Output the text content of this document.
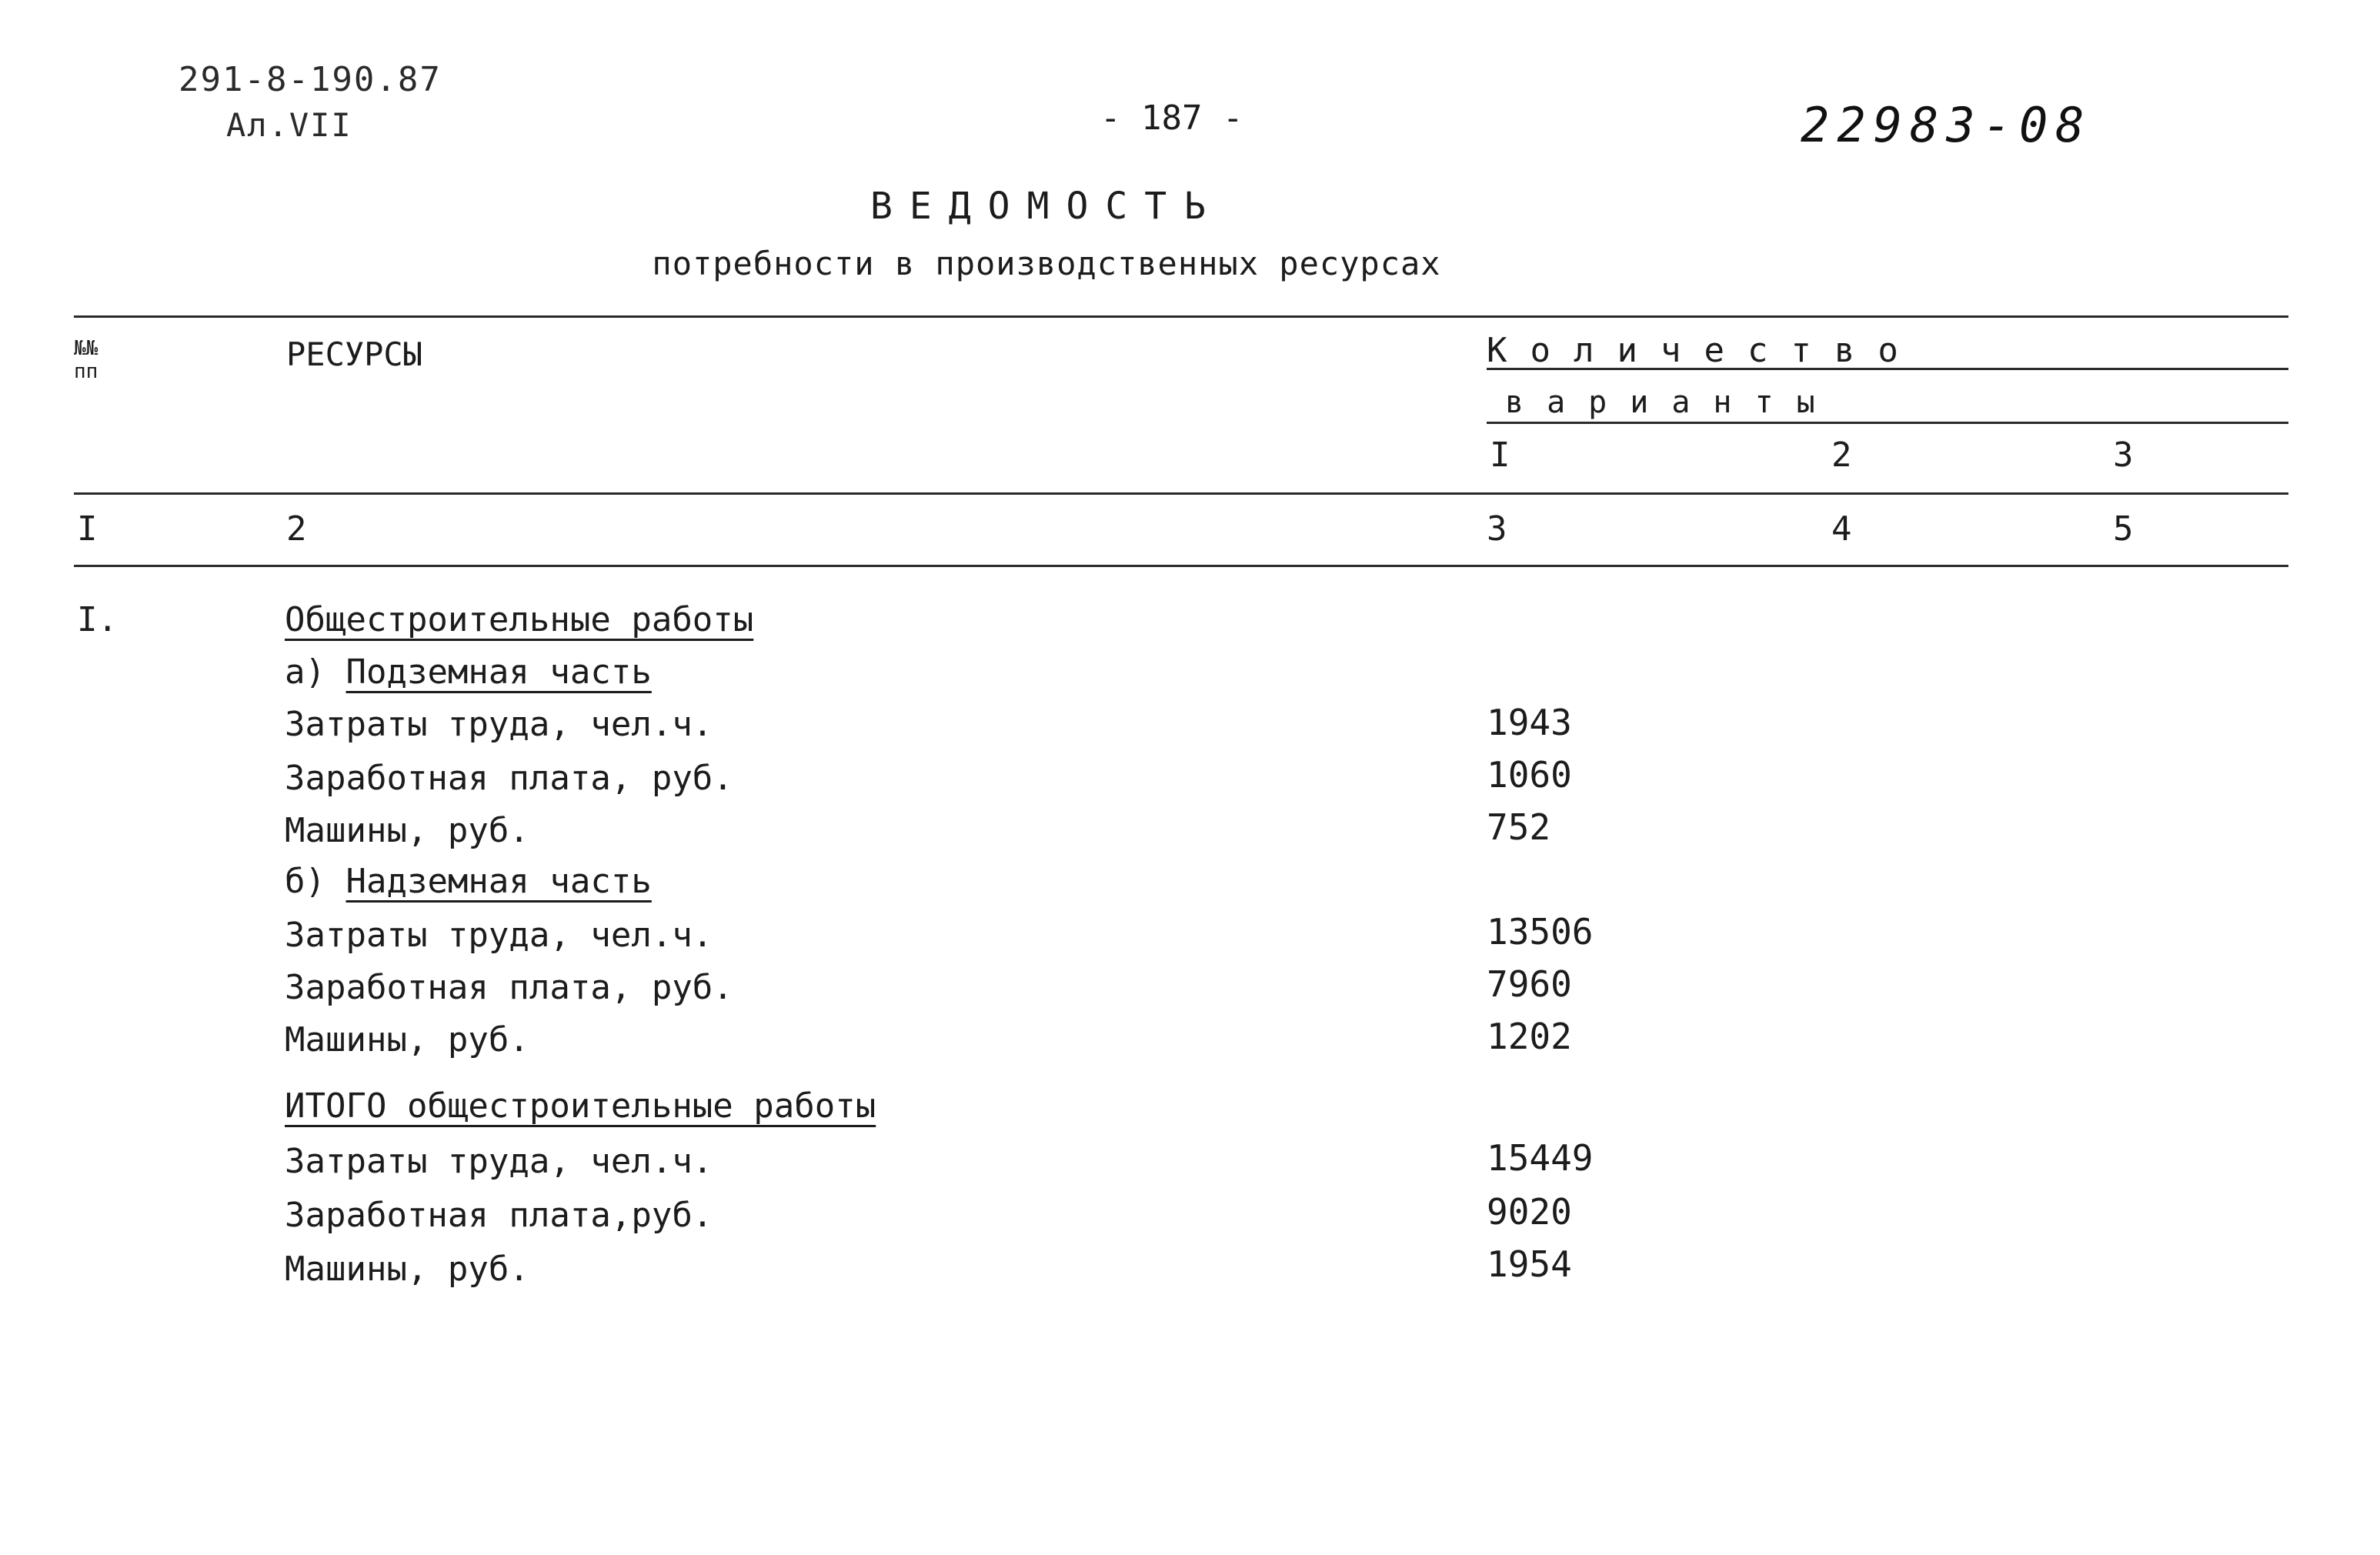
291-8-190.87
Ал.VII	- 187 -	22983-08
ВЕДОМОСТЬ
потребности в производственных ресурсах
№№ пп	РЕСУРСЫ	Количество
варианты
I	2	3
I	2	3	4	5
I.	Общестроительные работы
а) Подземная часть
Затраты труда, чел.ч.	1943
Заработная плата, руб.	1060
Машины, руб.	752
б) Надземная часть
Затраты труда, чел.ч.	13506
Заработная плата, руб.	7960
Машины, руб.	1202
ИТОГО общестроительные работы
Затраты труда, чел.ч.	15449
Заработная плата,руб.	9020
Машины, руб.	1954
